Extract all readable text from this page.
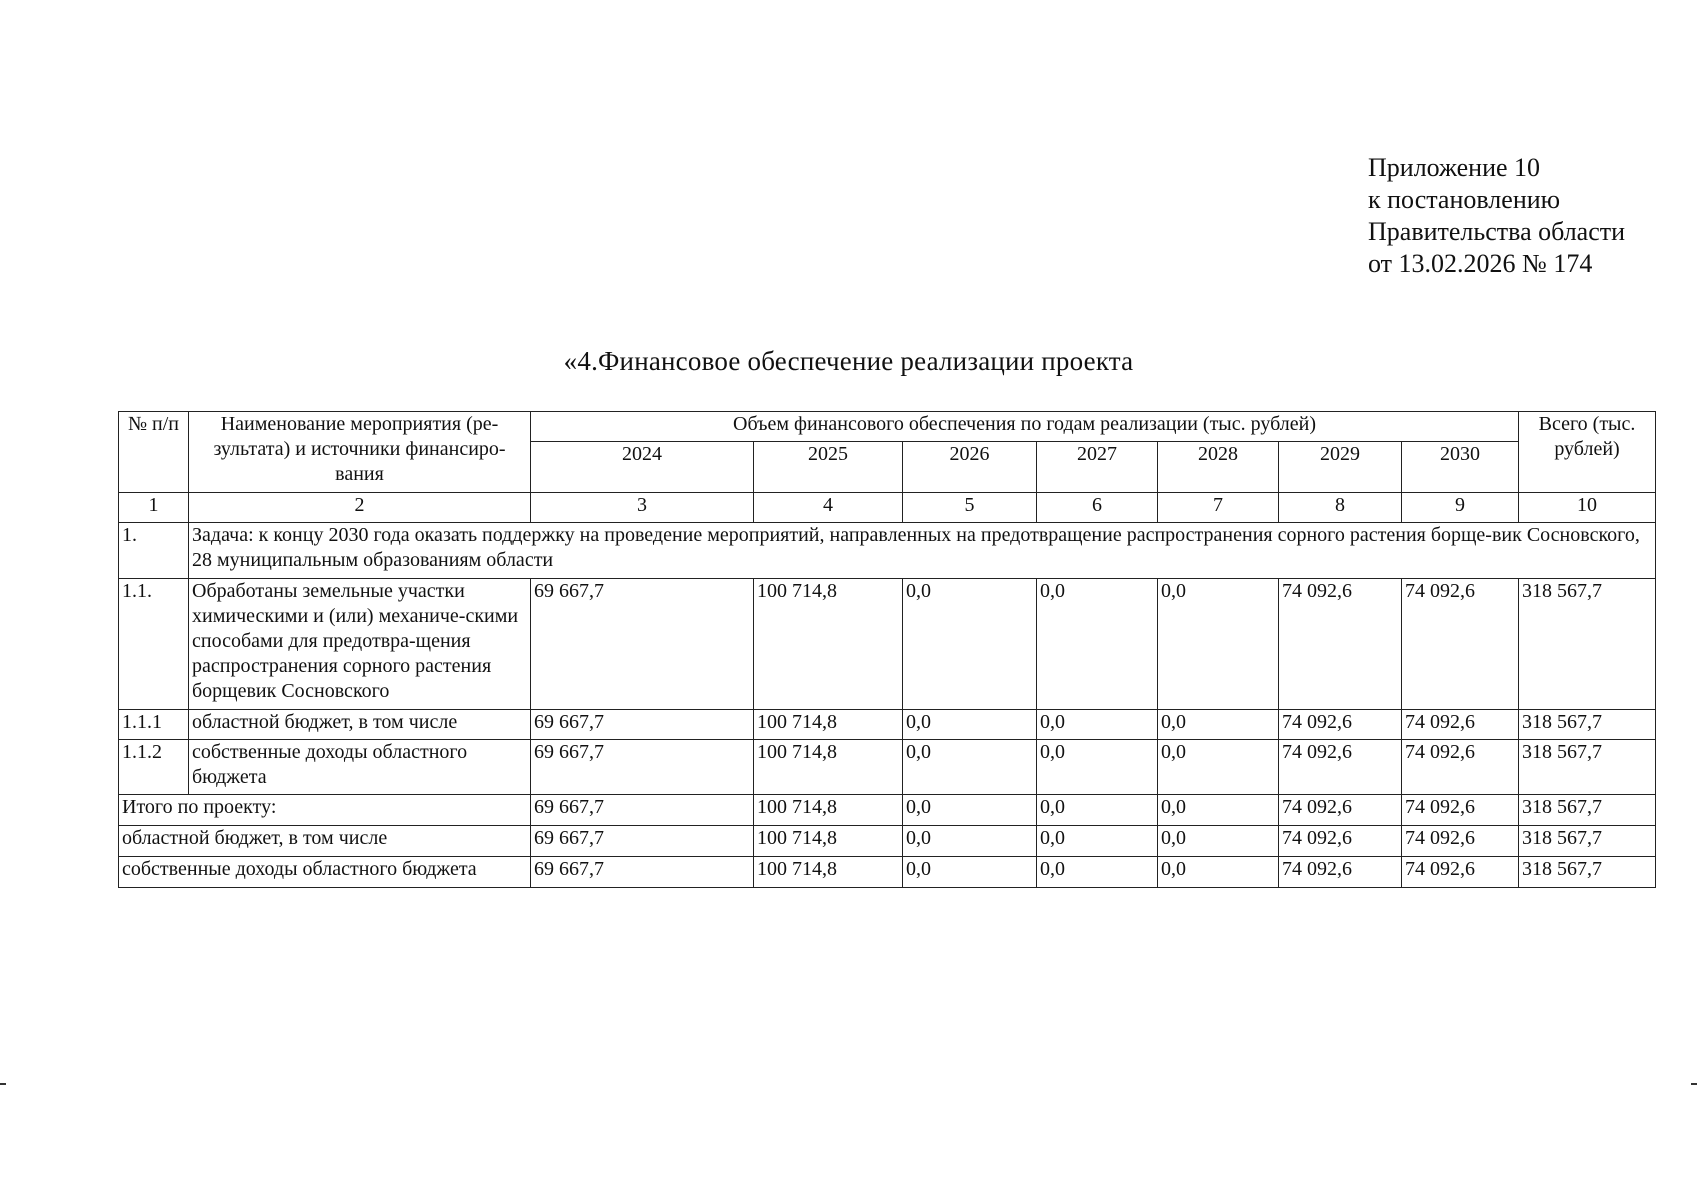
Приложение 10
к постановлению
Правительства области
от 13.02.2026 № 174
«4.Финансовое обеспечение реализации проекта
№ п/п	Наименование мероприятия (ре-зультата) и источники финансиро-вания	Объем финансового обеспечения по годам реализации (тыс. рублей)							Всего (тыс. рублей)
		2024	2025	2026	2027	2028	2029	2030	
1	2	3	4	5	6	7	8	9	10
1.	Задача: к концу 2030 года оказать поддержку на проведение мероприятий, направленных на предотвращение распространения сорного растения борще-вик Сосновского, 28 муниципальным образованиям области								
1.1.	Обработаны земельные участки химическими и (или) механиче-скими способами для предотвра-щения распространения сорного растения борщевик Сосновского	69 667,7	100 714,8	0,0	0,0	0,0	74 092,6	74 092,6	318 567,7
1.1.1	областной бюджет, в том числе	69 667,7	100 714,8	0,0	0,0	0,0	74 092,6	74 092,6	318 567,7
1.1.2	собственные доходы областного бюджета	69 667,7	100 714,8	0,0	0,0	0,0	74 092,6	74 092,6	318 567,7
Итого по проекту:		69 667,7	100 714,8	0,0	0,0	0,0	74 092,6	74 092,6	318 567,7
областной бюджет, в том числе		69 667,7	100 714,8	0,0	0,0	0,0	74 092,6	74 092,6	318 567,7
собственные доходы областного бюджета		69 667,7	100 714,8	0,0	0,0	0,0	74 092,6	74 092,6	318 567,7
